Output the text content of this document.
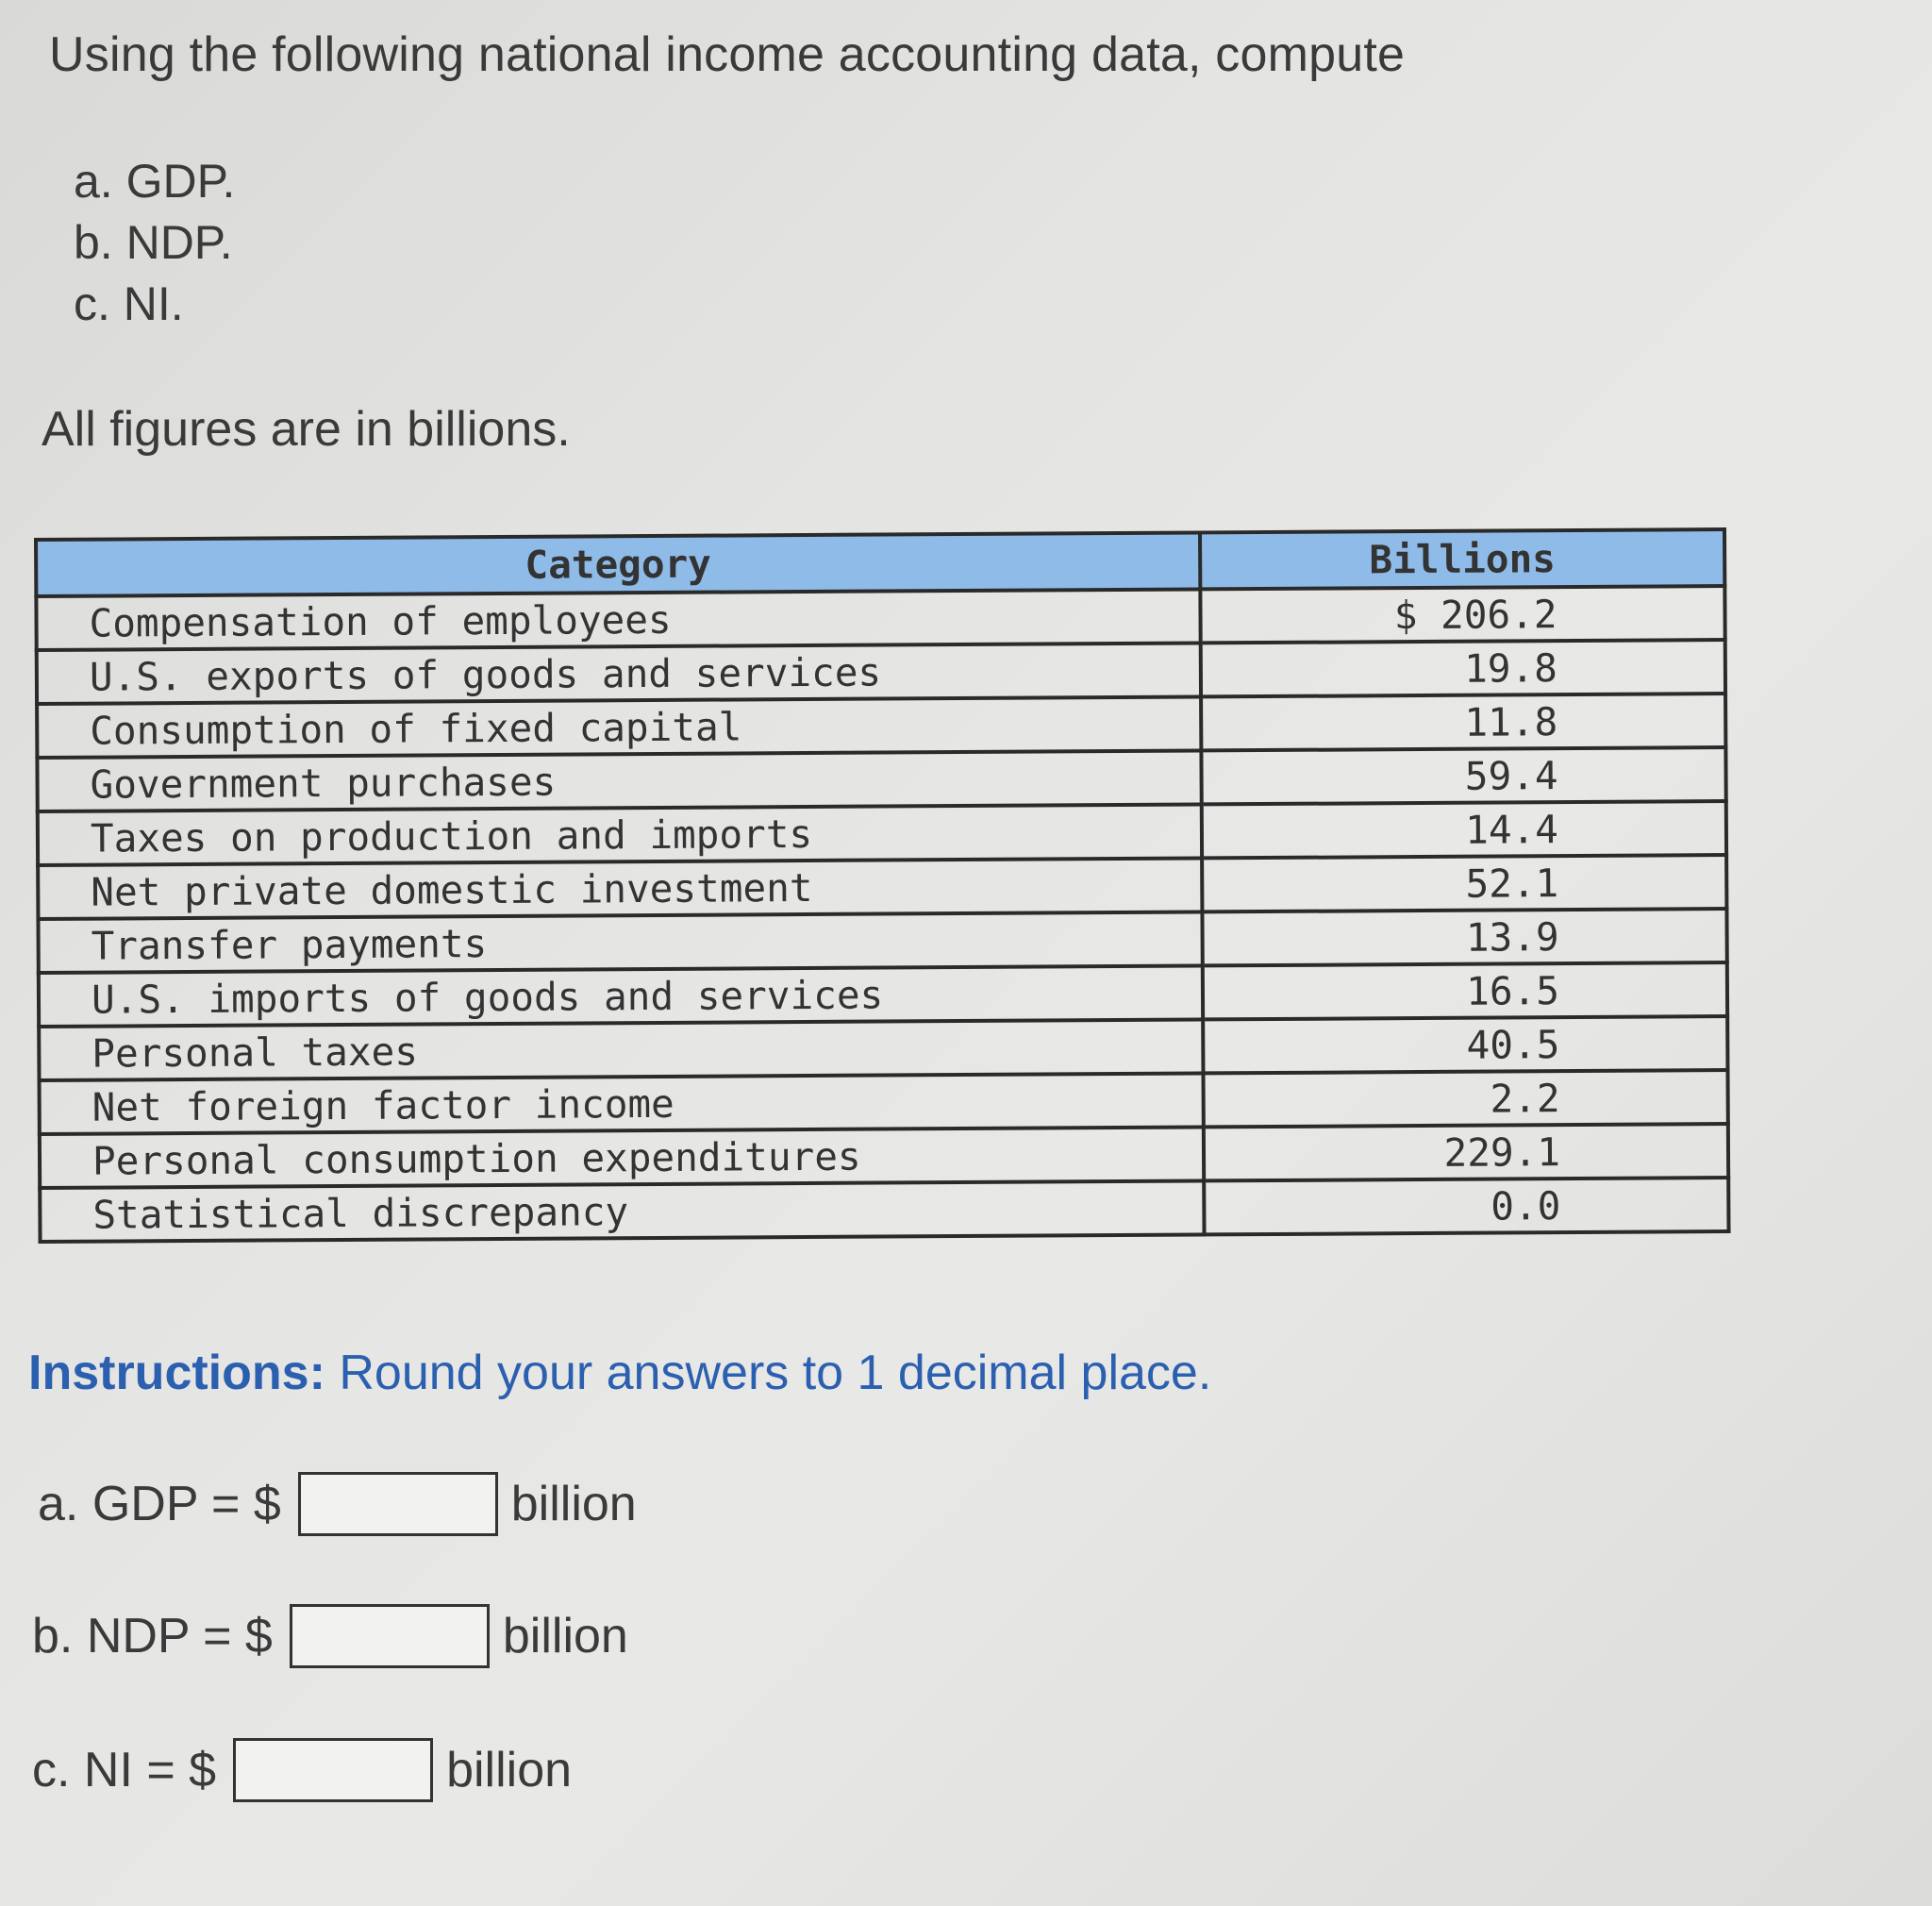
Using the following national income accounting data, compute
a. GDP.
b. NDP.
c. NI.
All figures are in billions.
Category	Billions
Compensation of employees	$ 206.2
U.S. exports of goods and services	19.8
Consumption of fixed capital	11.8
Government purchases	59.4
Taxes on production and imports	14.4
Net private domestic investment	52.1
Transfer payments	13.9
U.S. imports of goods and services	16.5
Personal taxes	40.5
Net foreign factor income	2.2
Personal consumption expenditures	229.1
Statistical discrepancy	0.0
Instructions: Round your answers to 1 decimal place.
a. GDP = $	billion
b. NDP = $	billion
c. NI = $	billion
